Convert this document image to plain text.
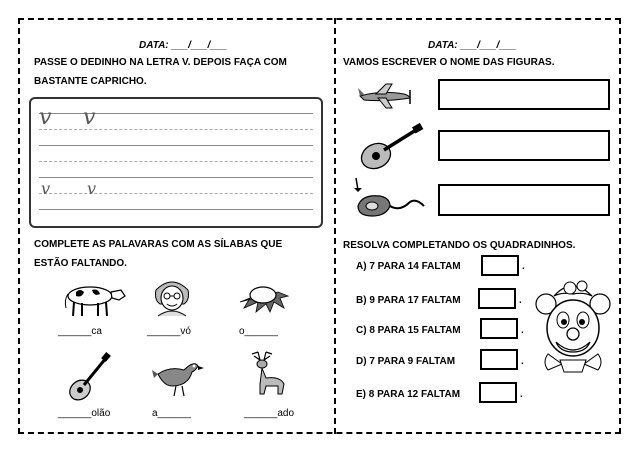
DATA: ___/___/___
PASSE O DEDINHO NA LETRA V. DEPOIS FAÇA COM
BASTANTE CAPRICHO.
v v
v v
COMPLETE AS PALAVARAS COM AS SÍLABAS QUE
ESTÃO FALTANDO.
______ca	______vó	o______
______olão	a______	______ado
DATA: ___/___/___
VAMOS ESCREVER O NOME DAS FIGURAS.
RESOLVA COMPLETANDO OS QUADRADINHOS.
A) 7 PARA 14 FALTAM	.
B) 9 PARA 17 FALTAM	.
C) 8 PARA 15 FALTAM	.
D) 7 PARA 9 FALTAM	.
E) 8 PARA 12 FALTAM	.
